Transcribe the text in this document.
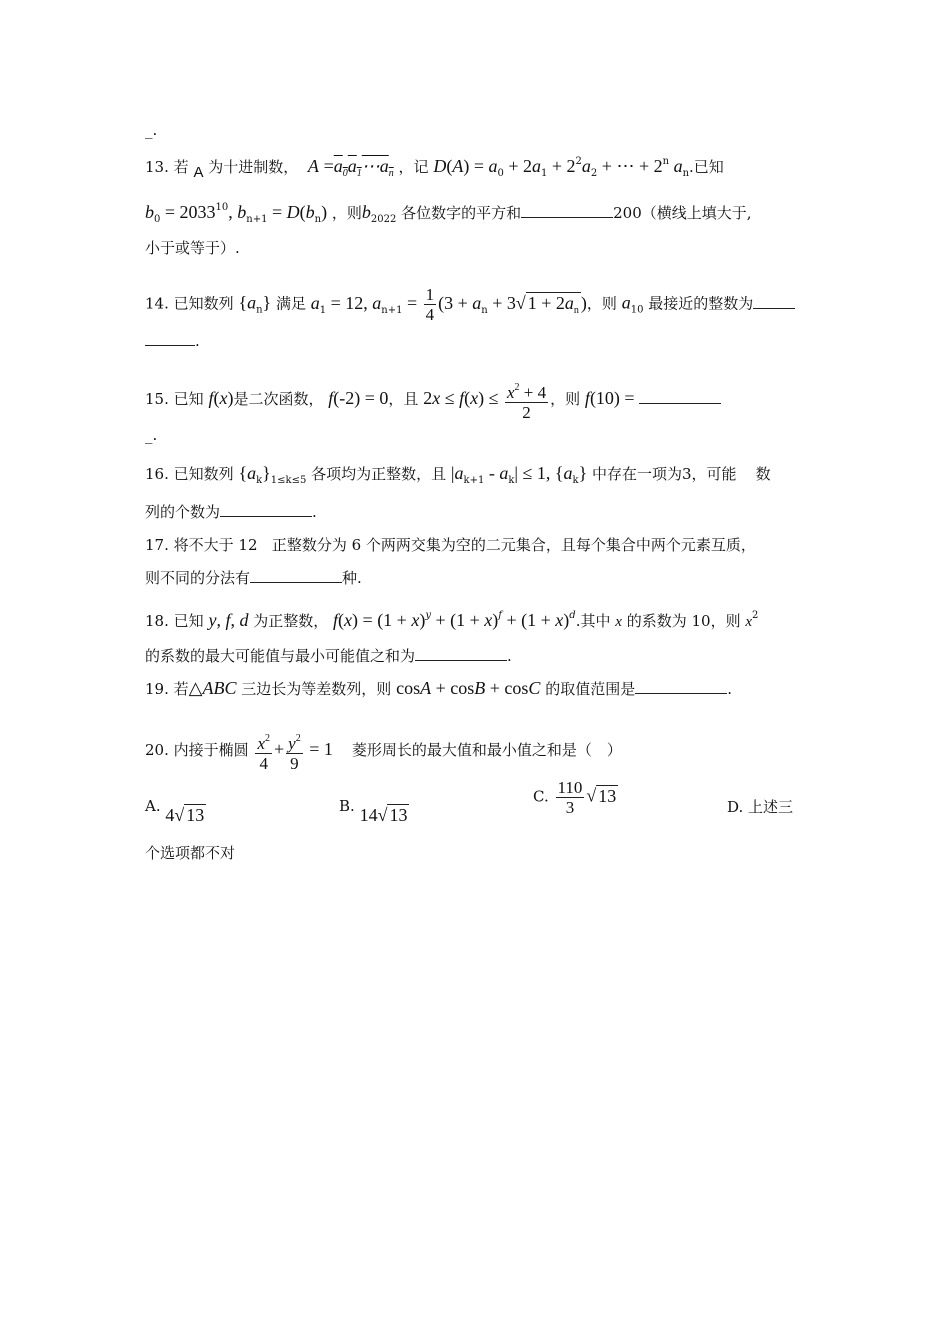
_.
13. 若 A 为十进制数， $A =a_0a_1\cdots a_n$ ，记 $D(A) = a_0 + 2a_1 + 2^2a_2$ + ⋯ + $2^n$ $a_n$.已知
$b_0 = 2033^{10}$, $b_{n+1} = D(b_n)$ ，则$b_{2022}$ 各位数字的平方和	200（横线上填大于,
小于或等于）.
14. 已知数列 $\{a_n\}$ 满足 $a_1 = 12$, $a_{n+1} = \frac{1}{4} (3 + a_n + 3√$ $1 + 2a_n$ )，则 $a_{10}$ 最接近的整数为
.
15. 已知 f(x)是二次函数， f(-2) = 0，且 $2x \le f(x) \le \frac{x^2 + 4}{2}$ ，则 f(10) =
_.
16. 已知数列 $\{a_k\}_{1\le k\le 5}$ 各项均为正整数，且 $|a_{k+1} - a_k| \le 1$, $\{a_k\}$ 中存在一项为3，可能 数
列的个数为	.
17. 将不大于 12 正整数分为 6 个两两交集为空的二元集合，且每个集合中两个元素互质，
则不同的分法有	种.
18. 已知 y, f, d 为正整数， $f(x) = (1 + x)^y + (1 + x)^f + (1 + x)^d$.其中 x 的系数为 10，则 $x^2$
的系数的最大可能值与最小可能值之和为	.
19. 若△ABC 三边长为等差数列，则 cosA + cosB + cosC 的取值范围是	.
20. 内接于椭圆 $\frac{x^2}{4} + \frac{y^2}{9} = 1$ 菱形周长的最大值和最小值之和是（　）
A. 4√ 13	B. 14√ 13
C. $\frac{110}{3}$ √ 13
D. 上述三
个选项都不对
